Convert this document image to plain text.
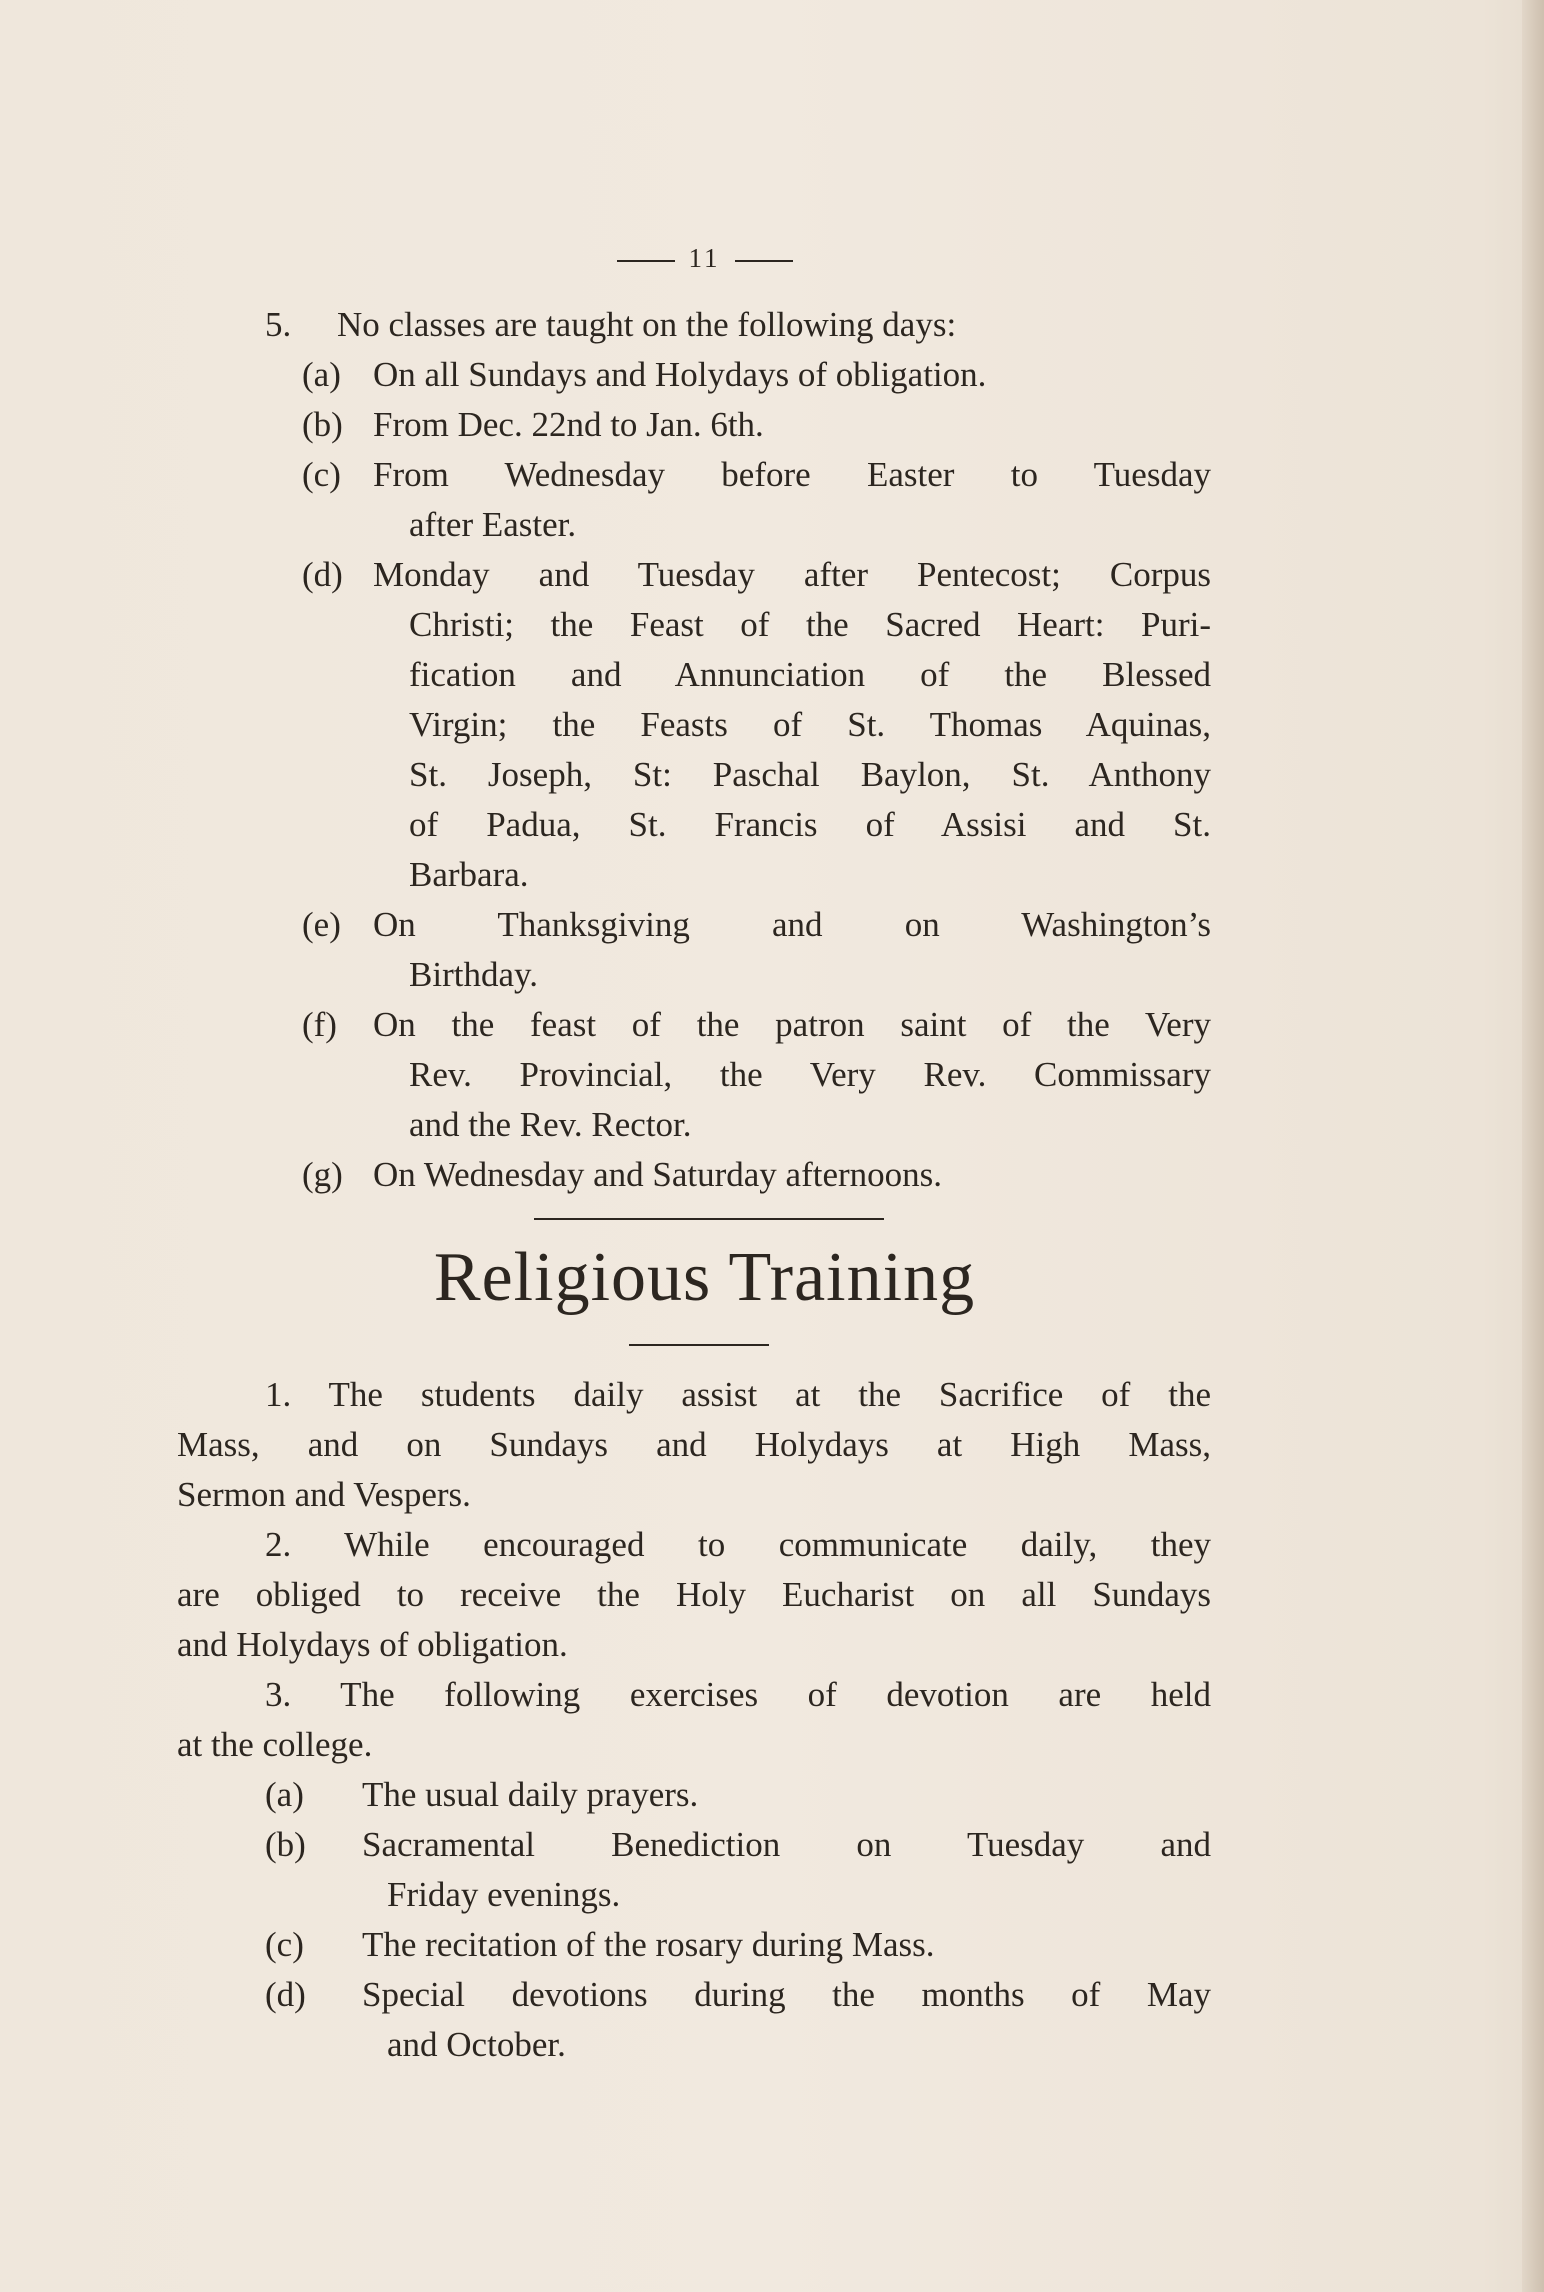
11
5. No classes are taught on the following days:
(a) On all Sundays and Holydays of obligation.
(b) From Dec. 22nd to Jan. 6th.
(c) From Wednesday before Easter to Tuesday
after Easter.
(d) Monday and Tuesday after Pentecost; Corpus
Christi; the Feast of the Sacred Heart: Puri-
fication and Annunciation of the Blessed
Virgin; the Feasts of St. Thomas Aquinas,
St. Joseph, St: Paschal Baylon, St. Anthony
of Padua, St. Francis of Assisi and St.
Barbara.
(e) On Thanksgiving and on Washington’s
Birthday.
(f) On the feast of the patron saint of the Very
Rev. Provincial, the Very Rev. Commissary
and the Rev. Rector.
(g) On Wednesday and Saturday afternoons.
Religious Training
1. The students daily assist at the Sacrifice of the
Mass, and on Sundays and Holydays at High Mass,
Sermon and Vespers.
2. While encouraged to communicate daily, they
are obliged to receive the Holy Eucharist on all Sundays
and Holydays of obligation.
3. The following exercises of devotion are held
at the college.
(a) The usual daily prayers.
(b) Sacramental Benediction on Tuesday and
Friday evenings.
(c) The recitation of the rosary during Mass.
(d) Special devotions during the months of May
and October.
